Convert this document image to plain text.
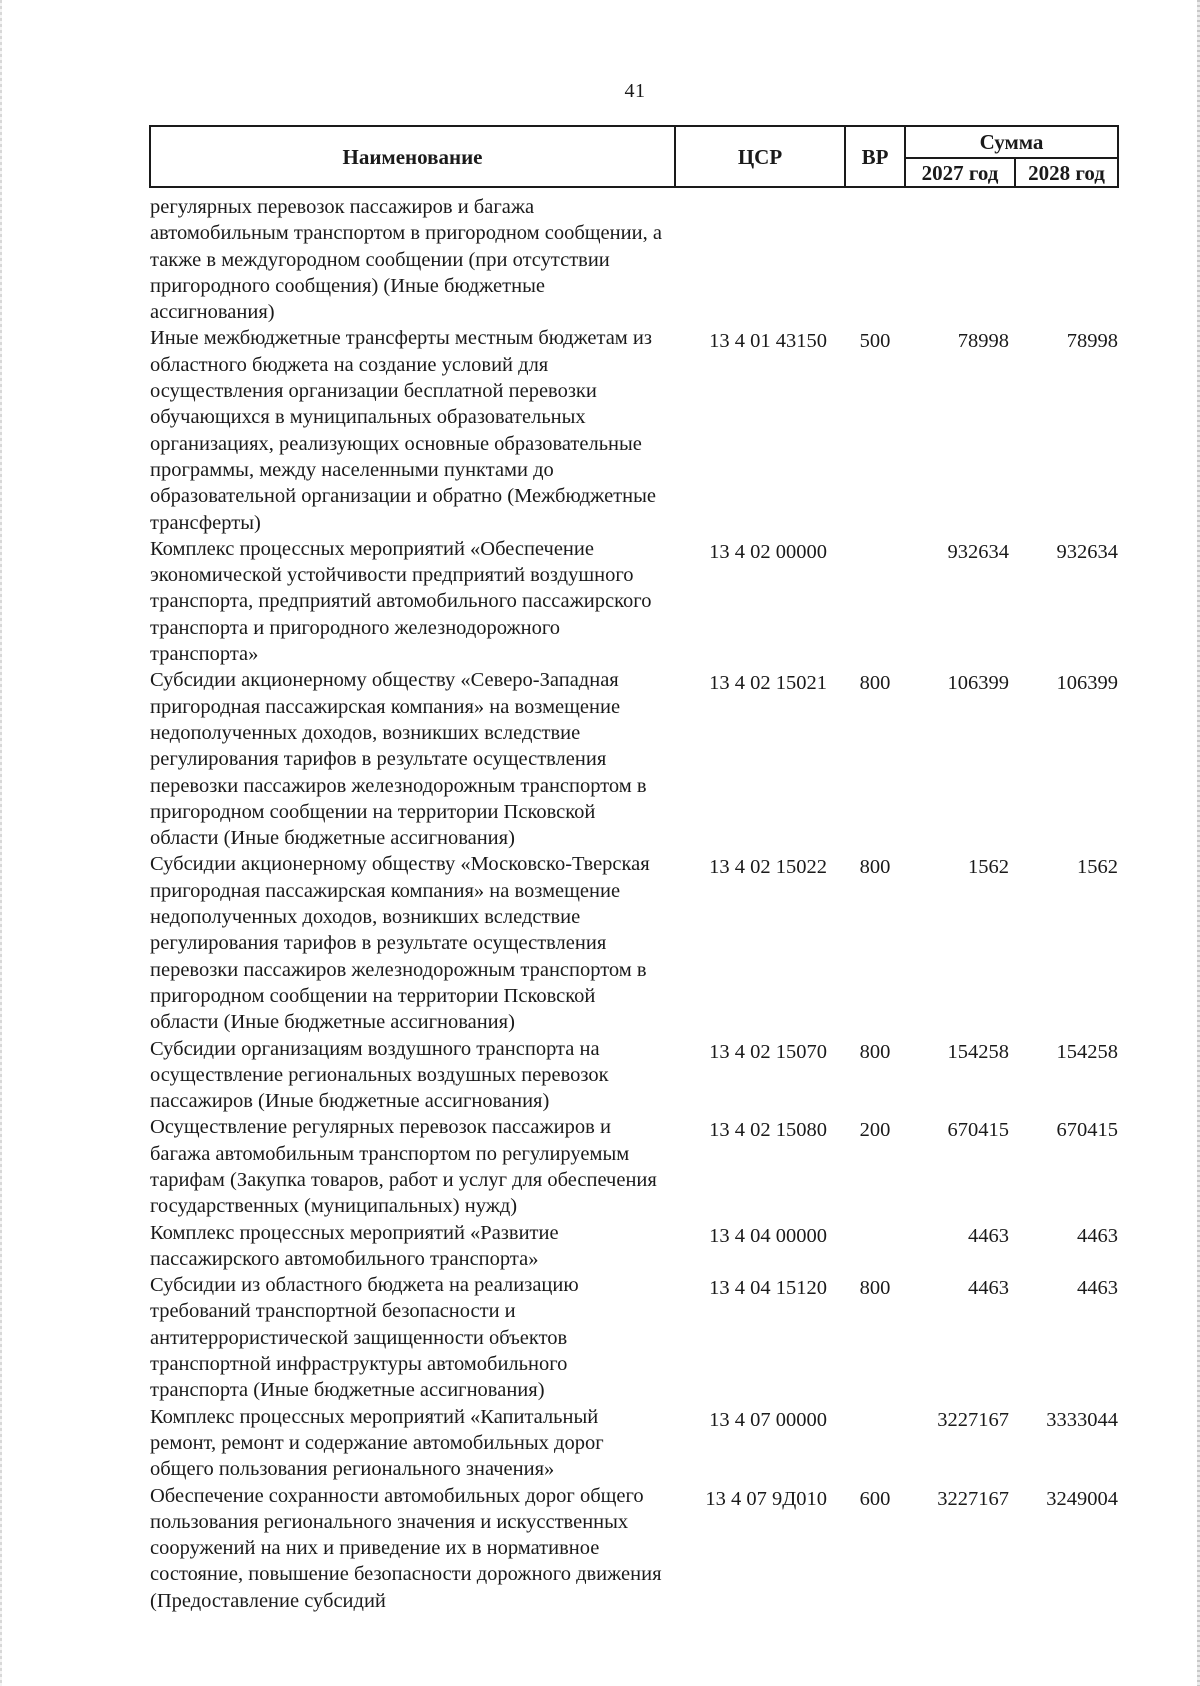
41
Наименование	ЦСР	ВР	Сумма	
			2027 год	2028 год
регулярных перевозок пассажиров и багажа автомобильным транспортом в пригородном сообщении, а также в междугородном сообщении (при отсутствии пригородного сообщения) (Иные бюджетные ассигнования)				
Иные межбюджетные трансферты местным бюджетам из областного бюджета на создание условий для осуществления организации бесплатной перевозки обучающихся в муниципальных образовательных организациях, реализующих основные образовательные программы, между населенными пунктами до образовательной организации и обратно (Межбюджетные трансферты)	13 4 01 43150	500	78998	78998
Комплекс процессных мероприятий «Обеспечение экономической устойчивости предприятий воздушного транспорта, предприятий автомобильного пассажирского транспорта и пригородного железнодорожного транспорта»	13 4 02 00000		932634	932634
Субсидии акционерному обществу «Северо-Западная пригородная пассажирская компания» на возмещение недополученных доходов, возникших вследствие регулирования тарифов в результате осуществления перевозки пассажиров железнодорожным транспортом в пригородном сообщении на территории Псковской области (Иные бюджетные ассигнования)	13 4 02 15021	800	106399	106399
Субсидии акционерному обществу «Московско-Тверская пригородная пассажирская компания» на возмещение недополученных доходов, возникших вследствие регулирования тарифов в результате осуществления перевозки пассажиров железнодорожным транспортом в пригородном сообщении на территории Псковской области (Иные бюджетные ассигнования)	13 4 02 15022	800	1562	1562
Субсидии организациям воздушного транспорта на осуществление региональных воздушных перевозок пассажиров (Иные бюджетные ассигнования)	13 4 02 15070	800	154258	154258
Осуществление регулярных перевозок пассажиров и багажа автомобильным транспортом по регулируемым тарифам (Закупка товаров, работ и услуг для обеспечения государственных (муниципальных) нужд)	13 4 02 15080	200	670415	670415
Комплекс процессных мероприятий «Развитие пассажирского автомобильного транспорта»	13 4 04 00000		4463	4463
Субсидии из областного бюджета на реализацию требований транспортной безопасности и антитеррористической защищенности объектов транспортной инфраструктуры автомобильного транспорта (Иные бюджетные ассигнования)	13 4 04 15120	800	4463	4463
Комплекс процессных мероприятий «Капитальный ремонт, ремонт и содержание автомобильных дорог общего пользования регионального значения»	13 4 07 00000		3227167	3333044
Обеспечение сохранности автомобильных дорог общего пользования регионального значения и искусственных сооружений на них и приведение их в нормативное состояние, повышение безопасности дорожного движения (Предоставление субсидий	13 4 07 9Д010	600	3227167	3249004
